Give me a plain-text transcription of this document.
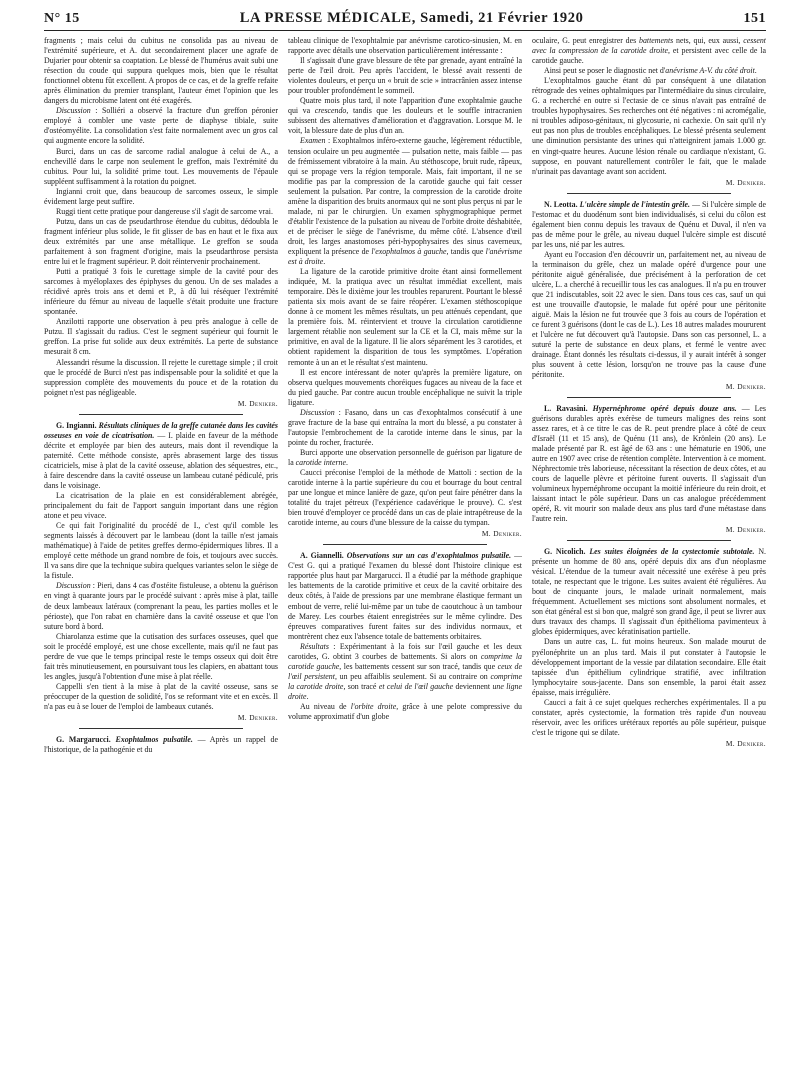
N° 15	LA PRESSE MÉDICALE, Samedi, 21 Février 1920	151

fragments ; mais celui du cubitus ne consolida pas au niveau de l'extrémité supérieure, et A. dut secondairement placer une agrafe de Dujarier pour obtenir sa coaptation. Le blessé de l'humérus avait subi une résection du coude qui suppura quelques mois, bien que le résultat fonctionnel obtenu fût excellent. A propos de ce cas, et de la greffe refaite après élimination du premier transplant, l'auteur émet l'opinion que les dangers du microbisme latent ont été exagérés.

Discussion : Solliéri a observé la fracture d'un greffon péronier employé à combler une vaste perte de diaphyse tibiale, suite d'ostéomyélite. La consolidation s'est faite normalement avec un gros cal qui augmente encore la solidité.

Burci, dans un cas de sarcome radial analogue à celui de A., a enchevillé dans le carpe non seulement le greffon, mais l'extrémité du cubitus. Pour lui, la solidité prime tout. Les mouvements de l'épaule suppléent suffisamment à la rotation du poignet.

Ingianni croit que, dans beaucoup de sarcomes osseux, le simple évidement large peut suffire.

Ruggi tient cette pratique pour dangereuse s'il s'agit de sarcome vrai.

Putzu, dans un cas de pseudarthrose étendue du cubitus, dédoubla le fragment inférieur plus solide, le fit glisser de bas en haut et le fixa aux deux extrémités par une anse métallique. Le greffon se souda parfaitement à son fragment d'origine, mais la pseudarthrose persista entre lui et le fragment supérieur. P. doit réintervenir prochainement.

Putti a pratiqué 3 fois le curettage simple de la cavité pour des sarcomes à myéloplaxes des épiphyses du genou. Un de ses malades a récidivé après trois ans et demi et P., à dû lui réséquer l'extrémité inférieure du fémur au niveau de laquelle s'était produite une fracture spontanée.

Anzilotti rapporte une observation à peu près analogue à celle de Putzu. Il s'agissait du radius. C'est le segment supérieur qui fournit le greffon. La prise fut solide aux deux extrémités. La perte de substance mesurait 8 cm.

Alessandri résume la discussion. Il rejette le curettage simple ; il croit que le procédé de Burci n'est pas indispensable pour la solidité et que la suppression complète des mouvements du pouce et de la rotation du poignet n'est pas négligeable.

M. Deniker.

G. Ingianni. Résultats cliniques de la greffe cutanée dans les cavités osseuses en voie de cicatrisation. — I. plaide en faveur de la méthode décrite et employée par bien des auteurs, mais dont il revendique la paternité. Cette méthode consiste, après abrasement large des tissus cicatriciels, mise à plat de la cavité osseuse, ablation des séquestres, etc., à faire descendre dans la cavité osseuse un lambeau cutané pédiculé, pris dans le voisinage.

La cicatrisation de la plaie en est considérablement abrégée, principalement du fait de l'apport sanguin important dans une région atone et peu vivace.

Ce qui fait l'originalité du procédé de I., c'est qu'il comble les segments laissés à découvert par le lambeau (dont la taille n'est jamais mathématique) à l'aide de petites greffes dermo-épidermiques libres. Il a employé cette méthode un grand nombre de fois, et toujours avec succès. Il va sans dire que la technique subira quelques variantes selon le siège de la fistule.

Discussion : Pieri, dans 4 cas d'ostéite fistuleuse, a obtenu la guérison en vingt à quarante jours par le procédé suivant : après mise à plat, taille de deux lambeaux latéraux (comprenant la peau, les parties molles et le périoste), que l'on rabat en charnière dans la cavité osseuse et que l'on suture bord à bord.

Chiarolanza estime que la cutisation des surfaces osseuses, quel que soit le procédé employé, est une chose excellente, mais qu'il ne faut pas perdre de vue que le temps principal reste le temps osseux qui doit être fait très minutieusement, en poursuivant tous les clapiers, en abattant tous les angles, jusqu'à l'obtention d'une mise à plat réelle.

Cappelli s'en tient à la mise à plat de la cavité osseuse, sans se préoccuper de la question de solidité, l'os se reformant vite et en excès. Il n'a pas eu à se louer de l'emploi de lambeaux cutanés.

M. Deniker.

G. Margarucci. Exophtalmos pulsatile. — Après un rappel de l'historique, de la pathogénie et du

tableau clinique de l'exophtalmie par anévrisme carotico-sinusien, M. en rapporte avec détails une observation particulièrement intéressante :

Il s'agissait d'une grave blessure de tête par grenade, ayant entraîné la perte de l'œil droit. Peu après l'accident, le blessé avait ressenti de violentes douleurs, et perçu un « bruit de scie » intracrânien assez intense pour troubler profondément le sommeil.

Quatre mois plus tard, il note l'apparition d'une exophtalmie gauche qui va crescendo, tandis que les douleurs et le souffle intracranien subissent des alternatives d'amélioration et d'aggravation. Lorsque M. le voit, la blessure date de plus d'un an.

Examen : Exophtalmos inféro-externe gauche, légèrement réductible, tension oculaire un peu augmentée — pulsation nette, mais faible — pas de frémissement vibratoire à la main. Au stéthoscope, bruit rude, râpeux, qui se propage vers la région temporale. Mais, fait important, il ne se modifie pas par la compression de la carotide gauche qui fait cesser seulement la pulsation. Par contre, la compression de la carotide droite amène la disparition des bruits anormaux qui ne sont plus perçus ni par le malade, ni par le chirurgien. Un examen sphygmographique permet d'établir l'existence de la pulsation au niveau de l'orbite droite déshabitée, et de préciser le siège de l'anévrisme, du même côté. L'absence d'œil droit, les larges anastomoses péri-hypophysaires des sinus caverneux, expliquent la présence de l'exophtalmos à gauche, tandis que l'anévrisme est à droite.

La ligature de la carotide primitive droite étant ainsi formellement indiquée, M. la pratiqua avec un résultat immédiat excellent, mais temporaire. Dès le dixième jour les troubles reparurent. Pourtant le blessé patienta six mois avant de se faire réopérer. L'examen stéthoscopique donne à ce moment les mêmes résultats, un peu atténués cependant, que la première fois. M. réintervient et trouve la circulation carotidienne largement rétablie non seulement sur la CE et la CI, mais même sur la primitive, en aval de la ligature. Il lie alors séparément les 3 carotides, et obtient rapidement la disparition de tous les symptômes. L'opération remonte à un an et le résultat s'est maintenu.

Il est encore intéressant de noter qu'après la première ligature, on observa quelques mouvements choréiques fugaces au niveau de la face et du pied gauche. Par contre aucun trouble encéphalique ne suivit la triple ligature.

Discussion : Fasano, dans un cas d'exophtalmos consécutif à une grave fracture de la base qui entraîna la mort du blessé, a pu constater à l'autopsie l'embrochement de la carotide interne dans le sinus, par la pointe du rocher, fracturée.

Burci apporte une observation personnelle de guérison par ligature de la carotide interne.

Caucci préconise l'emploi de la méthode de Mattoli : section de la carotide interne à la partie supérieure du cou et bourrage du bout central par une longue et mince lanière de gaze, qu'on peut faire pénétrer dans la totalité du trajet pétreux (l'expérience cadavérique le prouve). C. s'est bien trouvé d'employer ce procédé dans un cas de plaie intrapétreuse de la carotide interne, au cours d'une blessure de la caisse du tympan.

M. Deniker.

A. Giannelli. Observations sur un cas d'exophtalmos pulsatile. — C'est G. qui a pratiqué l'examen du blessé dont l'histoire clinique est rapportée plus haut par Margarucci. Il a étudié par la méthode graphique les battements de la carotide primitive et ceux de la cavité orbitaire des deux côtés, à l'aide de pressions par une membrane élastique fermant un embout de verre, relié lui-même par un tube de caoutchouc à un tambour de Marey. Les courbes étaient enregistrées sur le même cylindre. Des épreuves comparatives furent faites sur des individus normaux, et montrèrent chez eux l'absence totale de battements orbitaires.

Résultats : Expérimentant à la fois sur l'œil gauche et les deux carotides, G. obtint 3 courbes de battements. Si alors on comprime la carotide gauche, les battements cessent sur son tracé, tandis que ceux de l'œil persistent, un peu affaiblis seulement. Si au contraire on comprime la carotide droite, son tracé et celui de l'œil gauche deviennent une ligne droite.

Au niveau de l'orbite droite, grâce à une pelote compressive du volume approximatif d'un globe

oculaire, G. peut enregistrer des battements nets, qui, eux aussi, cessent avec la compression de la carotide droite, et persistent avec celle de la carotide gauche.

Ainsi peut se poser le diagnostic net d'anévrisme A-V. du côté droit.

L'exophtalmos gauche étant dû par conséquent à une dilatation rétrograde des veines ophtalmiques par l'intermédiaire du sinus circulaire, G. a recherché en outre si l'ectasie de ce sinus n'avait pas entraîné de troubles hypophysaires. Ses recherches ont été négatives : ni acromégalie, ni troubles adiposo-génitaux, ni glycosurie, ni cachexie. On sait qu'il n'y eut pas non plus de troubles encéphaliques. Le blessé présenta seulement une diminution persistante des urines qui n'atteignirent jamais 1.000 gr. en vingt-quatre heures. Aucune lésion rénale ou cardiaque n'existant, G. suppose, en pouvant naturellement contrôler le fait, que le malade n'urinait pas davantage avant son accident.

M. Deniker.

N. Leotta. L'ulcère simple de l'intestin grêle. — Si l'ulcère simple de l'estomac et du duodénum sont bien individualisés, si celui du côlon est également bien connu depuis les travaux de Quénu et Duval, il n'en va pas de même pour le grêle, au niveau duquel l'ulcère simple est discuté par les uns, nié par les autres.

Ayant eu l'occasion d'en découvrir un, parfaitement net, au niveau de la terminaison du grêle, chez un malade opéré d'urgence pour une péritonite aiguë généralisée, due précisément à la perforation de cet ulcère, L. a cherché à recueillir tous les cas analogues. Il n'a pu en trouver que 21 indiscutables, soit 22 avec le sien. Dans tous ces cas, sauf un qui est une trouvaille d'autopsie, le malade fut opéré pour une péritonite aiguë. Mais la lésion ne fut trouvée que 3 fois au cours de l'opération et ce furent 3 guérisons (dont le cas de L.). Les 18 autres malades moururent et l'ulcère ne fut découvert qu'à l'autopsie. Dans son cas personnel, L. a suturé la perte de substance en deux plans, et fermé le ventre avec drainage. Étant donnés les résultats ci-dessus, il y aurait intérêt à songer plus souvent à cette lésion, lorsqu'on ne trouve pas la cause d'une péritonite.

M. Deniker.

L. Ravasini. Hypernéphrome opéré depuis douze ans. — Les guérisons durables après exérèse de tumeurs malignes des reins sont assez rares, et à ce titre le cas de R. peut prendre place à côté de ceux d'Israël (11 et 15 ans), de Quénu (11 ans), de Krönlein (20 ans). Le malade présenté par R. est âgé de 63 ans : une hématurie en 1906, une autre en 1907 avec crise de rétention complète. Intervention à ce moment. Néphrectomie très laborieuse, nécessitant la résection de deux côtes, et au cours de laquelle plèvre et péritoine furent ouverts. Il s'agissait d'un volumineux hypernéphrome occupant la moitié inférieure du rein droit, et laissant intact le pôle supérieur. Dans un cas analogue précédemment opéré, R. vit mourir son malade deux ans plus tard d'une métastase dans l'autre rein.

M. Deniker.

G. Nicolich. Les suites éloignées de la cystectomie subtotale. N. présente un homme de 80 ans, opéré depuis dix ans d'un néoplasme vésical. L'étendue de la tumeur avait nécessité une exérèse à peu près totale, ne respectant que le trigone. Les suites avaient été régulières. Au bout de cinquante jours, le malade urinait normalement, mais fréquemment. Actuellement ses mictions sont absolument normales, et son état général est si bon que, malgré son grand âge, il peut se livrer aux durs travaux des champs. Il s'agissait d'un épithélioma pavimenteux à globes épidermiques, avec kératinisation partielle.

Dans un autre cas, L. fut moins heureux. Son malade mourut de pyélonéphrite un an plus tard. Mais il put constater à l'autopsie le développement important de la vessie par dilatation secondaire. Elle était tapissée d'un épithélium cylindrique stratifié, avec infiltration lymphocytaire sous-jacente. Dans son ensemble, la paroi était assez épaisse, mais irrégulière.

Caucci a fait à ce sujet quelques recherches expérimentales. Il a pu constater, après cystectomie, la formation très rapide d'un nouveau réservoir, avec les orifices urétéraux reportés au pôle supérieur, puisque c'est le trigone qui se dilate.

M. Deniker.
